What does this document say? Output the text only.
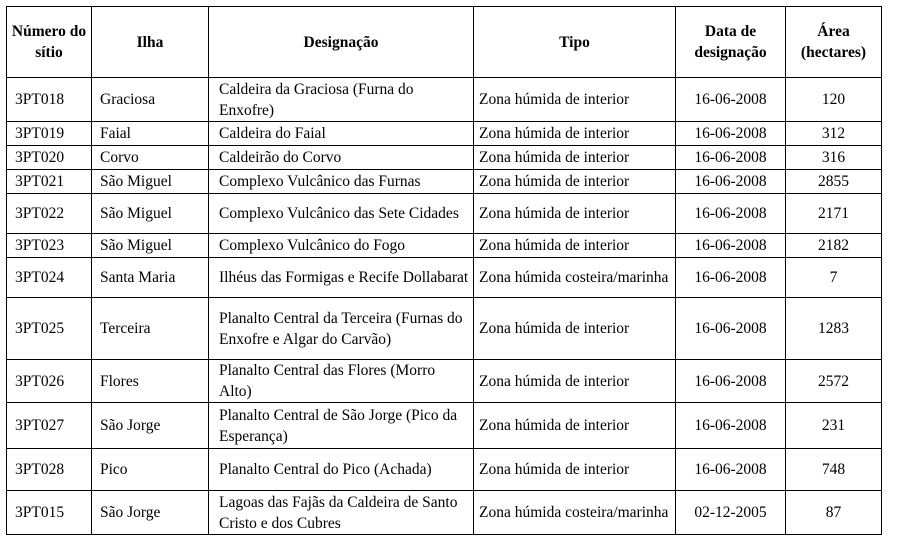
Número do sítio	Ilha	Designação	Tipo	Data de designação	Área (hectares)
3PT018	Graciosa	Caldeira da Graciosa (Furna do Enxofre)	Zona húmida de interior	16-06-2008	120
3PT019	Faial	Caldeira do Faial	Zona húmida de interior	16-06-2008	312
3PT020	Corvo	Caldeirão do Corvo	Zona húmida de interior	16-06-2008	316
3PT021	São Miguel	Complexo Vulcânico das Furnas	Zona húmida de interior	16-06-2008	2855
3PT022	São Miguel	Complexo Vulcânico das Sete Cidades	Zona húmida de interior	16-06-2008	2171
3PT023	São Miguel	Complexo Vulcânico do Fogo	Zona húmida de interior	16-06-2008	2182
3PT024	Santa Maria	Ilhéus das Formigas e Recife Dollabarat	Zona húmida costeira/marinha	16-06-2008	7
3PT025	Terceira	Planalto Central da Terceira (Furnas do Enxofre e Algar do Carvão)	Zona húmida de interior	16-06-2008	1283
3PT026	Flores	Planalto Central das Flores (Morro Alto)	Zona húmida de interior	16-06-2008	2572
3PT027	São Jorge	Planalto Central de São Jorge (Pico da Esperança)	Zona húmida de interior	16-06-2008	231
3PT028	Pico	Planalto Central do Pico (Achada)	Zona húmida de interior	16-06-2008	748
3PT015	São Jorge	Lagoas das Fajãs da Caldeira de Santo Cristo e dos Cubres	Zona húmida costeira/marinha	02-12-2005	87
